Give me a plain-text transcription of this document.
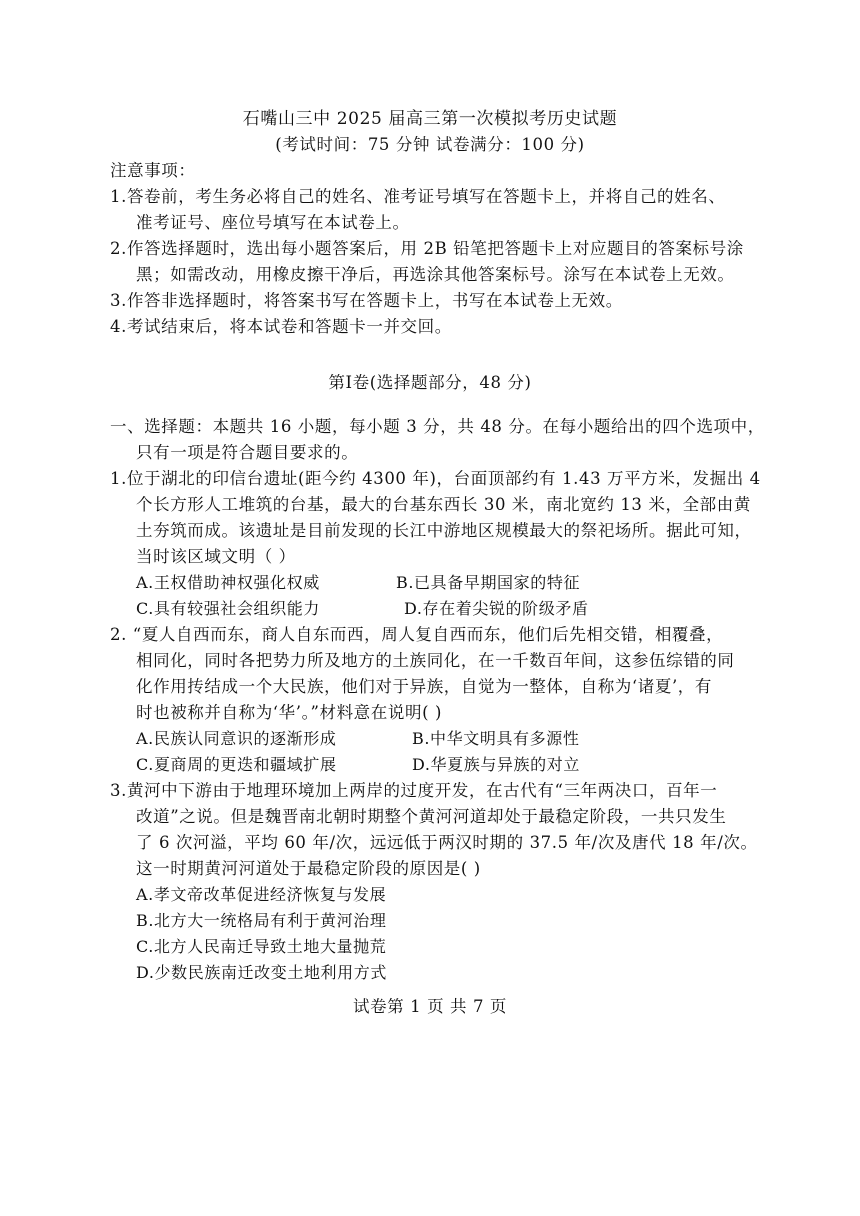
石嘴山三中 2025 届高三第一次模拟考历史试题
(考试时间：75 分钟 试卷满分：100 分)
注意事项：
1.答卷前，考生务必将自己的姓名、准考证号填写在答题卡上，并将自己的姓名、
准考证号、座位号填写在本试卷上。
2.作答选择题时，选出每小题答案后，用 2B 铅笔把答题卡上对应题目的答案标号涂
黑；如需改动，用橡皮擦干净后，再选涂其他答案标号。涂写在本试卷上无效。
3.作答非选择题时，将答案书写在答题卡上，书写在本试卷上无效。
4.考试结束后，将本试卷和答题卡一并交回。
第Ⅰ卷(选择题部分，48 分)
一、选择题：本题共 16 小题，每小题 3 分，共 48 分。在每小题给出的四个选项中，
只有一项是符合题目要求的。
1.位于湖北的印信台遗址(距今约 4300 年)，台面顶部约有 1.43 万平方米，发掘出 4
个长方形人工堆筑的台基，最大的台基东西长 30 米，南北宽约 13 米，全部由黄
土夯筑而成。该遗址是目前发现的长江中游地区规模最大的祭祀场所。据此可知，
当时该区域文明（ ）
A.王权借助神权强化权威	B.已具备早期国家的特征
C.具有较强社会组织能力	D.存在着尖锐的阶级矛盾
2. “夏人自西而东，商人自东而西，周人复自西而东，他们后先相交错，相覆叠，
相同化，同时各把势力所及地方的土族同化，在一千数百年间，这参伍综错的同
化作用抟结成一个大民族，他们对于异族，自觉为一整体，自称为‘诸夏’，有
时也被称并自称为‘华’。”材料意在说明( )
A.民族认同意识的逐渐形成	B.中华文明具有多源性
C.夏商周的更迭和疆域扩展	D.华夏族与异族的对立
3.黄河中下游由于地理环境加上两岸的过度开发，在古代有“三年两决口，百年一
改道”之说。但是魏晋南北朝时期整个黄河河道却处于最稳定阶段，一共只发生
了 6 次河溢，平均 60 年/次，远远低于两汉时期的 37.5 年/次及唐代 18 年/次。
这一时期黄河河道处于最稳定阶段的原因是( )
A.孝文帝改革促进经济恢复与发展
B.北方大一统格局有利于黄河治理
C.北方人民南迁导致土地大量抛荒
D.少数民族南迁改变土地利用方式
试卷第 1 页 共 7 页
